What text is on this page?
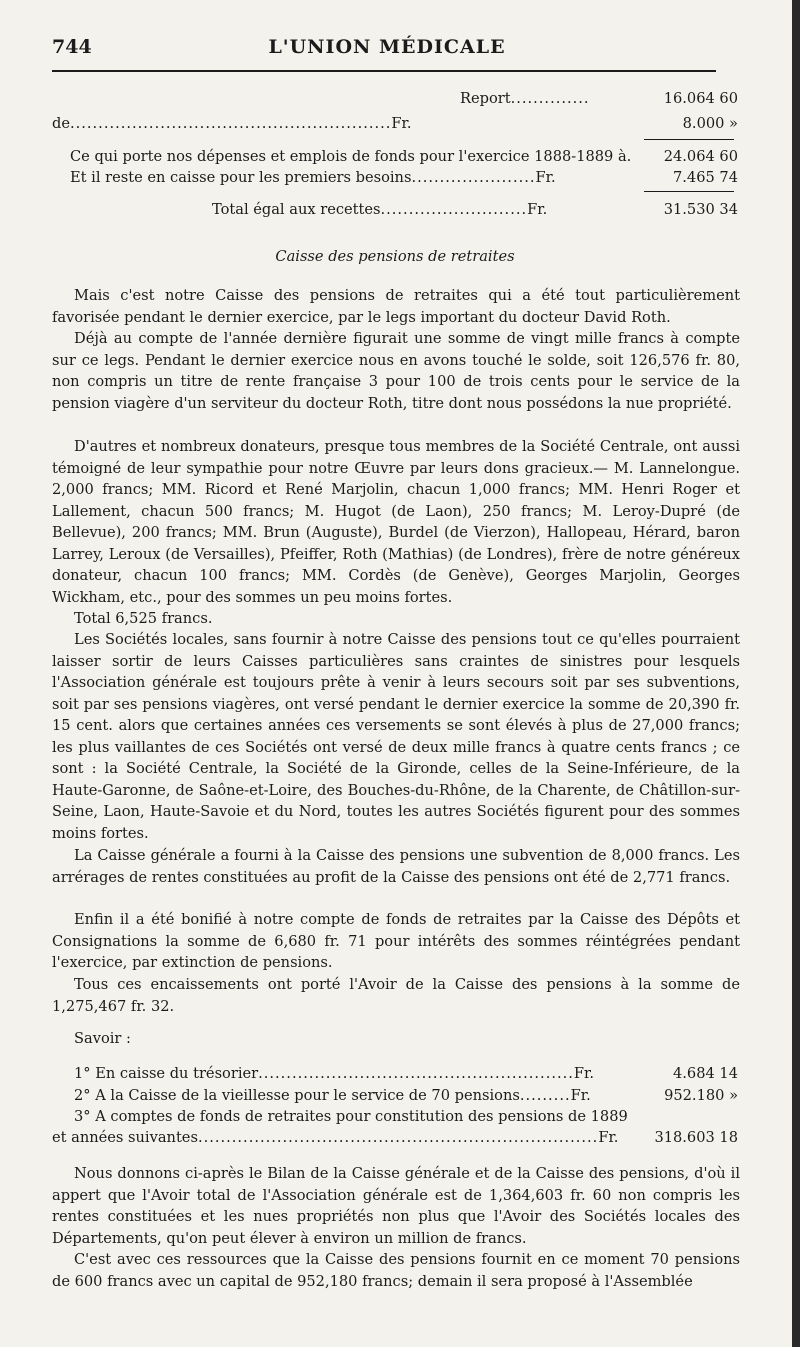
744	L'UNION MÉDICALE
Report..............	16.064 60
de.........................................................Fr.	8.000 »
Ce qui porte nos dépenses et emplois de fonds pour l'exercice 1888-1889 à. 24.064 60
Et il reste en caisse pour les premiers besoins......................Fr.	7.465 74
Total égal aux recettes..........................Fr.	31.530 34
Caisse des pensions de retraites

Mais c'est notre Caisse des pensions de retraites qui a été tout particulièrement favorisée pendant le dernier exercice, par le legs important du docteur David Roth.

Déjà au compte de l'année dernière figurait une somme de vingt mille francs à compte sur ce legs. Pendant le dernier exercice nous en avons touché le solde, soit 126,576 fr. 80, non compris un titre de rente française 3 pour 100 de trois cents pour le service de la pension viagère d'un serviteur du docteur Roth, titre dont nous possédons la nue propriété.

D'autres et nombreux donateurs, presque tous membres de la Société Centrale, ont aussi témoigné de leur sympathie pour notre Œuvre par leurs dons gracieux.— M. Lannelongue. 2,000 francs; MM. Ricord et René Marjolin, chacun 1,000 francs; MM. Henri Roger et Lallement, chacun 500 francs; M. Hugot (de Laon), 250 francs; M. Leroy-Dupré (de Bellevue), 200 francs; MM. Brun (Auguste), Burdel (de Vierzon), Hallopeau, Hérard, baron Larrey, Leroux (de Versailles), Pfeiffer, Roth (Mathias) (de Londres), frère de notre généreux donateur, chacun 100 francs; MM. Cordès (de Genève), Georges Marjolin, Georges Wickham, etc., pour des sommes un peu moins fortes.

Total 6,525 francs.

Les Sociétés locales, sans fournir à notre Caisse des pensions tout ce qu'elles pourraient laisser sortir de leurs Caisses particulières sans craintes de sinistres pour lesquels l'Association générale est toujours prête à venir à leurs secours soit par ses subventions, soit par ses pensions viagères, ont versé pendant le dernier exercice la somme de 20,390 fr. 15 cent. alors que certaines années ces versements se sont élevés à plus de 27,000 francs; les plus vaillantes de ces Sociétés ont versé de deux mille francs à quatre cents francs ; ce sont : la Société Centrale, la Société de la Gironde, celles de la Seine-Inférieure, de la Haute-Garonne, de Saône-et-Loire, des Bouches-du-Rhône, de la Charente, de Châtillon-sur-Seine, Laon, Haute-Savoie et du Nord, toutes les autres Sociétés figurent pour des sommes moins fortes.

La Caisse générale a fourni à la Caisse des pensions une subvention de 8,000 francs. Les arrérages de rentes constituées au profit de la Caisse des pensions ont été de 2,771 francs.

Enfin il a été bonifié à notre compte de fonds de retraites par la Caisse des Dépôts et Consignations la somme de 6,680 fr. 71 pour intérêts des sommes réintégrées pendant l'exercice, par extinction de pensions.

Tous ces encaissements ont porté l'Avoir de la Caisse des pensions à la somme de 1,275,467 fr. 32.

Savoir :
1° En caisse du trésorier........................................................Fr.	4.684 14
2° A la Caisse de la vieillesse pour le service de 70 pensions.........Fr.	952.180 »
3° A comptes de fonds de retraites pour constitution des pensions de 1889
et années suivantes.......................................................................Fr. 318.603 18

Nous donnons ci-après le Bilan de la Caisse générale et de la Caisse des pensions, d'où il appert que l'Avoir total de l'Association générale est de 1,364,603 fr. 60 non compris les rentes constituées et les nues propriétés non plus que l'Avoir des Sociétés locales des Départements, qu'on peut élever à environ un million de francs.

C'est avec ces ressources que la Caisse des pensions fournit en ce moment 70 pensions de 600 francs avec un capital de 952,180 francs; demain il sera proposé à l'Assemblée
